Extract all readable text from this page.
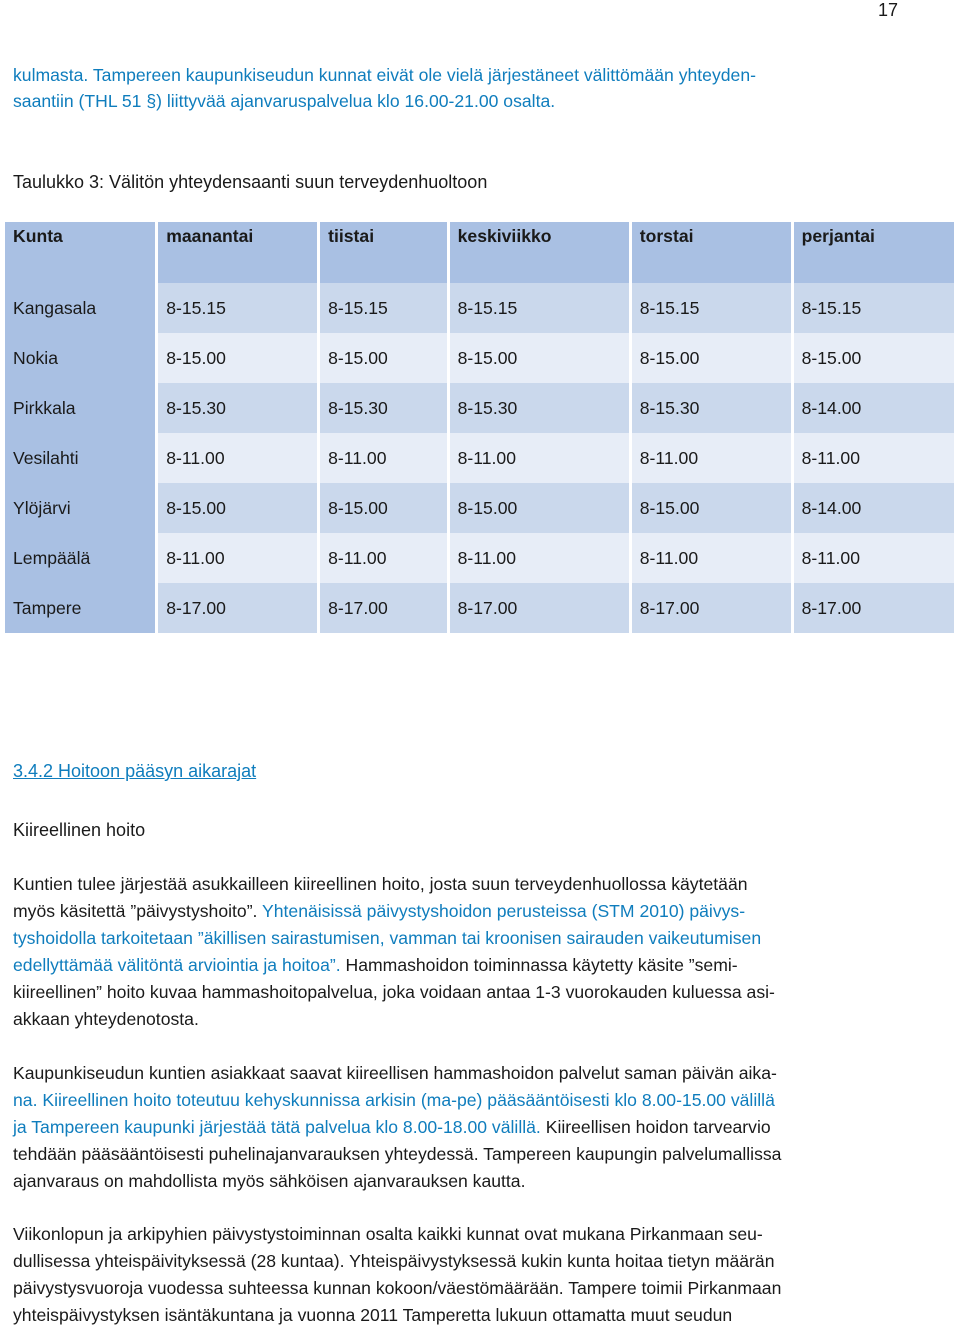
17

kulmasta. Tampereen kaupunkiseudun kunnat eivät ole vielä järjestäneet välittömään yhteyden-

saantiin (THL 51 §) liittyvää ajanvaruspalvelua klo 16.00-21.00 osalta.

Taulukko 3: Välitön yhteydensaanti suun terveydenhuoltoon
Kunta	maanantai	tiistai	keskiviikko	torstai	perjantai

Kangasala	8-15.15	8-15.15	8-15.15	8-15.15	8-15.15
Nokia	8-15.00	8-15.00	8-15.00	8-15.00	8-15.00
Pirkkala	8-15.30	8-15.30	8-15.30	8-15.30	8-14.00
Vesilahti	8-11.00	8-11.00	8-11.00	8-11.00	8-11.00
Ylöjärvi	8-15.00	8-15.00	8-15.00	8-15.00	8-14.00
Lempäälä	8-11.00	8-11.00	8-11.00	8-11.00	8-11.00
Tampere	8-17.00	8-17.00	8-17.00	8-17.00	8-17.00
3.4.2 Hoitoon pääsyn aikarajat
Kiireellinen hoito

Kuntien tulee järjestää asukkailleen kiireellinen hoito, josta suun terveydenhuollossa käytetään

myös käsitettä ”päivystyshoito”. Yhtenäisissä päivystyshoidon perusteissa (STM 2010) päivys-

tyshoidolla tarkoitetaan ”äkillisen sairastumisen, vamman tai kroonisen sairauden vaikeutumisen

edellyttämää välitöntä arviointia ja hoitoa”. Hammashoidon toiminnassa käytetty käsite ”semi-

kiireellinen” hoito kuvaa hammashoitopalvelua, joka voidaan antaa 1-3 vuorokauden kuluessa asi-

akkaan yhteydenotosta.

Kaupunkiseudun kuntien asiakkaat saavat kiireellisen hammashoidon palvelut saman päivän aika-

na. Kiireellinen hoito toteutuu kehyskunnissa arkisin (ma-pe) pääsääntöisesti klo 8.00-15.00 välillä

ja Tampereen kaupunki järjestää tätä palvelua klo 8.00-18.00 välillä. Kiireellisen hoidon tarvearvio

tehdään pääsääntöisesti puhelinajanvarauksen yhteydessä. Tampereen kaupungin palvelumallissa

ajanvaraus on mahdollista myös sähköisen ajanvarauksen kautta.

Viikonlopun ja arkipyhien päivystystoiminnan osalta kaikki kunnat ovat mukana Pirkanmaan seu-

dullisessa yhteispäivityksessä (28 kuntaa). Yhteispäivystyksessä kukin kunta hoitaa tietyn määrän

päivystysvuoroja vuodessa suhteessa kunnan kokoon/väestömäärään. Tampere toimii Pirkanmaan

yhteispäivystyksen isäntäkuntana ja vuonna 2011 Tamperetta lukuun ottamatta muut seudun
